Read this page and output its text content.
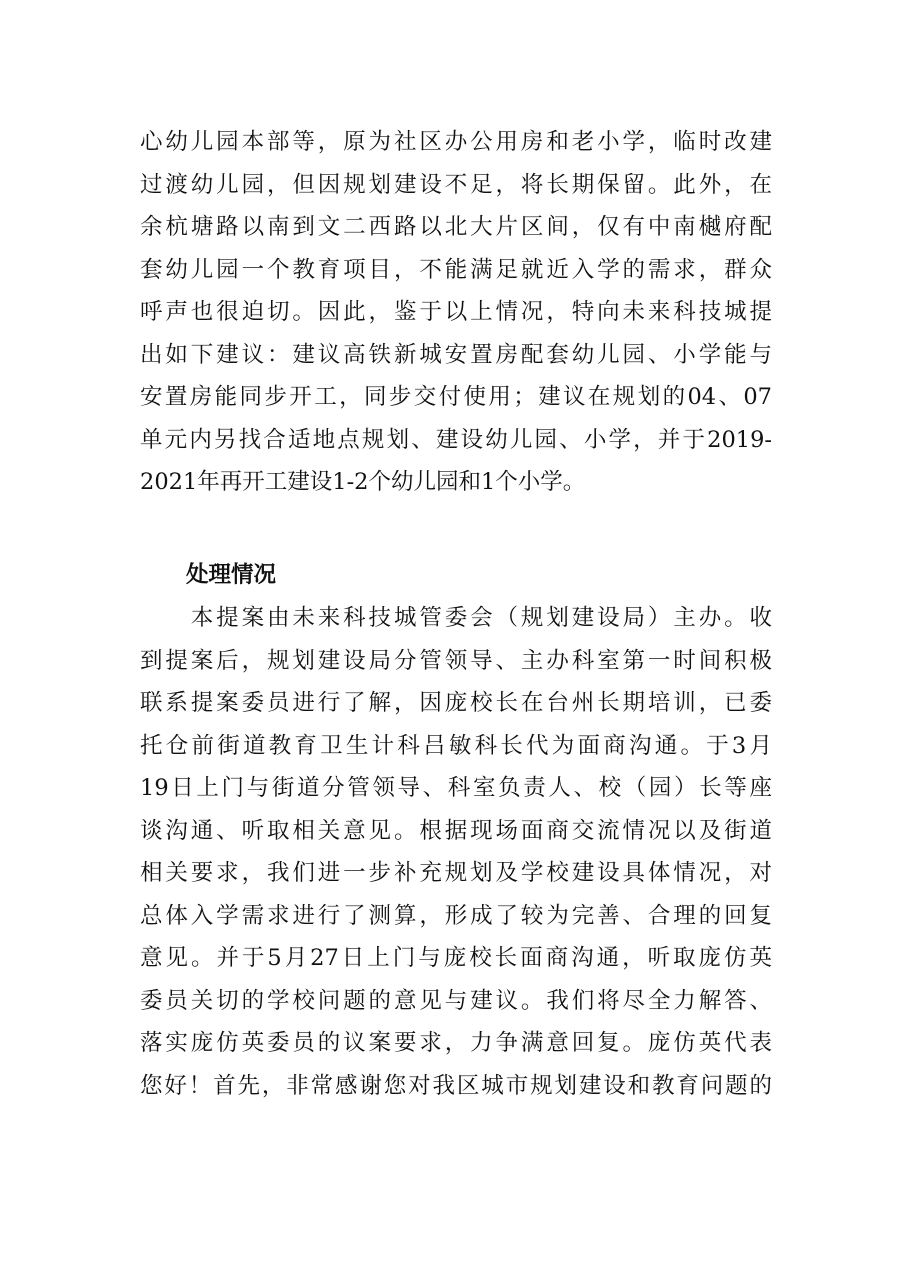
心幼儿园本部等，原为社区办公用房和老小学，临时改建
过渡幼儿园，但因规划建设不足，将长期保留。此外，在
余杭塘路以南到文二西路以北大片区间，仅有中南樾府配
套幼儿园一个教育项目，不能满足就近入学的需求，群众
呼声也很迫切。因此，鉴于以上情况，特向未来科技城提
出如下建议：建议高铁新城安置房配套幼儿园、小学能与
安置房能同步开工，同步交付使用；建议在规划的04、07
单元内另找合适地点规划、建设幼儿园、小学，并于2019-
2021年再开工建设1-2个幼儿园和1个小学。
处理情况
　　本提案由未来科技城管委会（规划建设局）主办。收
到提案后，规划建设局分管领导、主办科室第一时间积极
联系提案委员进行了解，因庞校长在台州长期培训，已委
托仓前街道教育卫生计科吕敏科长代为面商沟通。于3月
19日上门与街道分管领导、科室负责人、校（园）长等座
谈沟通、听取相关意见。根据现场面商交流情况以及街道
相关要求，我们进一步补充规划及学校建设具体情况，对
总体入学需求进行了测算，形成了较为完善、合理的回复
意见。并于5月27日上门与庞校长面商沟通，听取庞仿英
委员关切的学校问题的意见与建议。我们将尽全力解答、
落实庞仿英委员的议案要求，力争满意回复。庞仿英代表
您好！首先，非常感谢您对我区城市规划建设和教育问题的
